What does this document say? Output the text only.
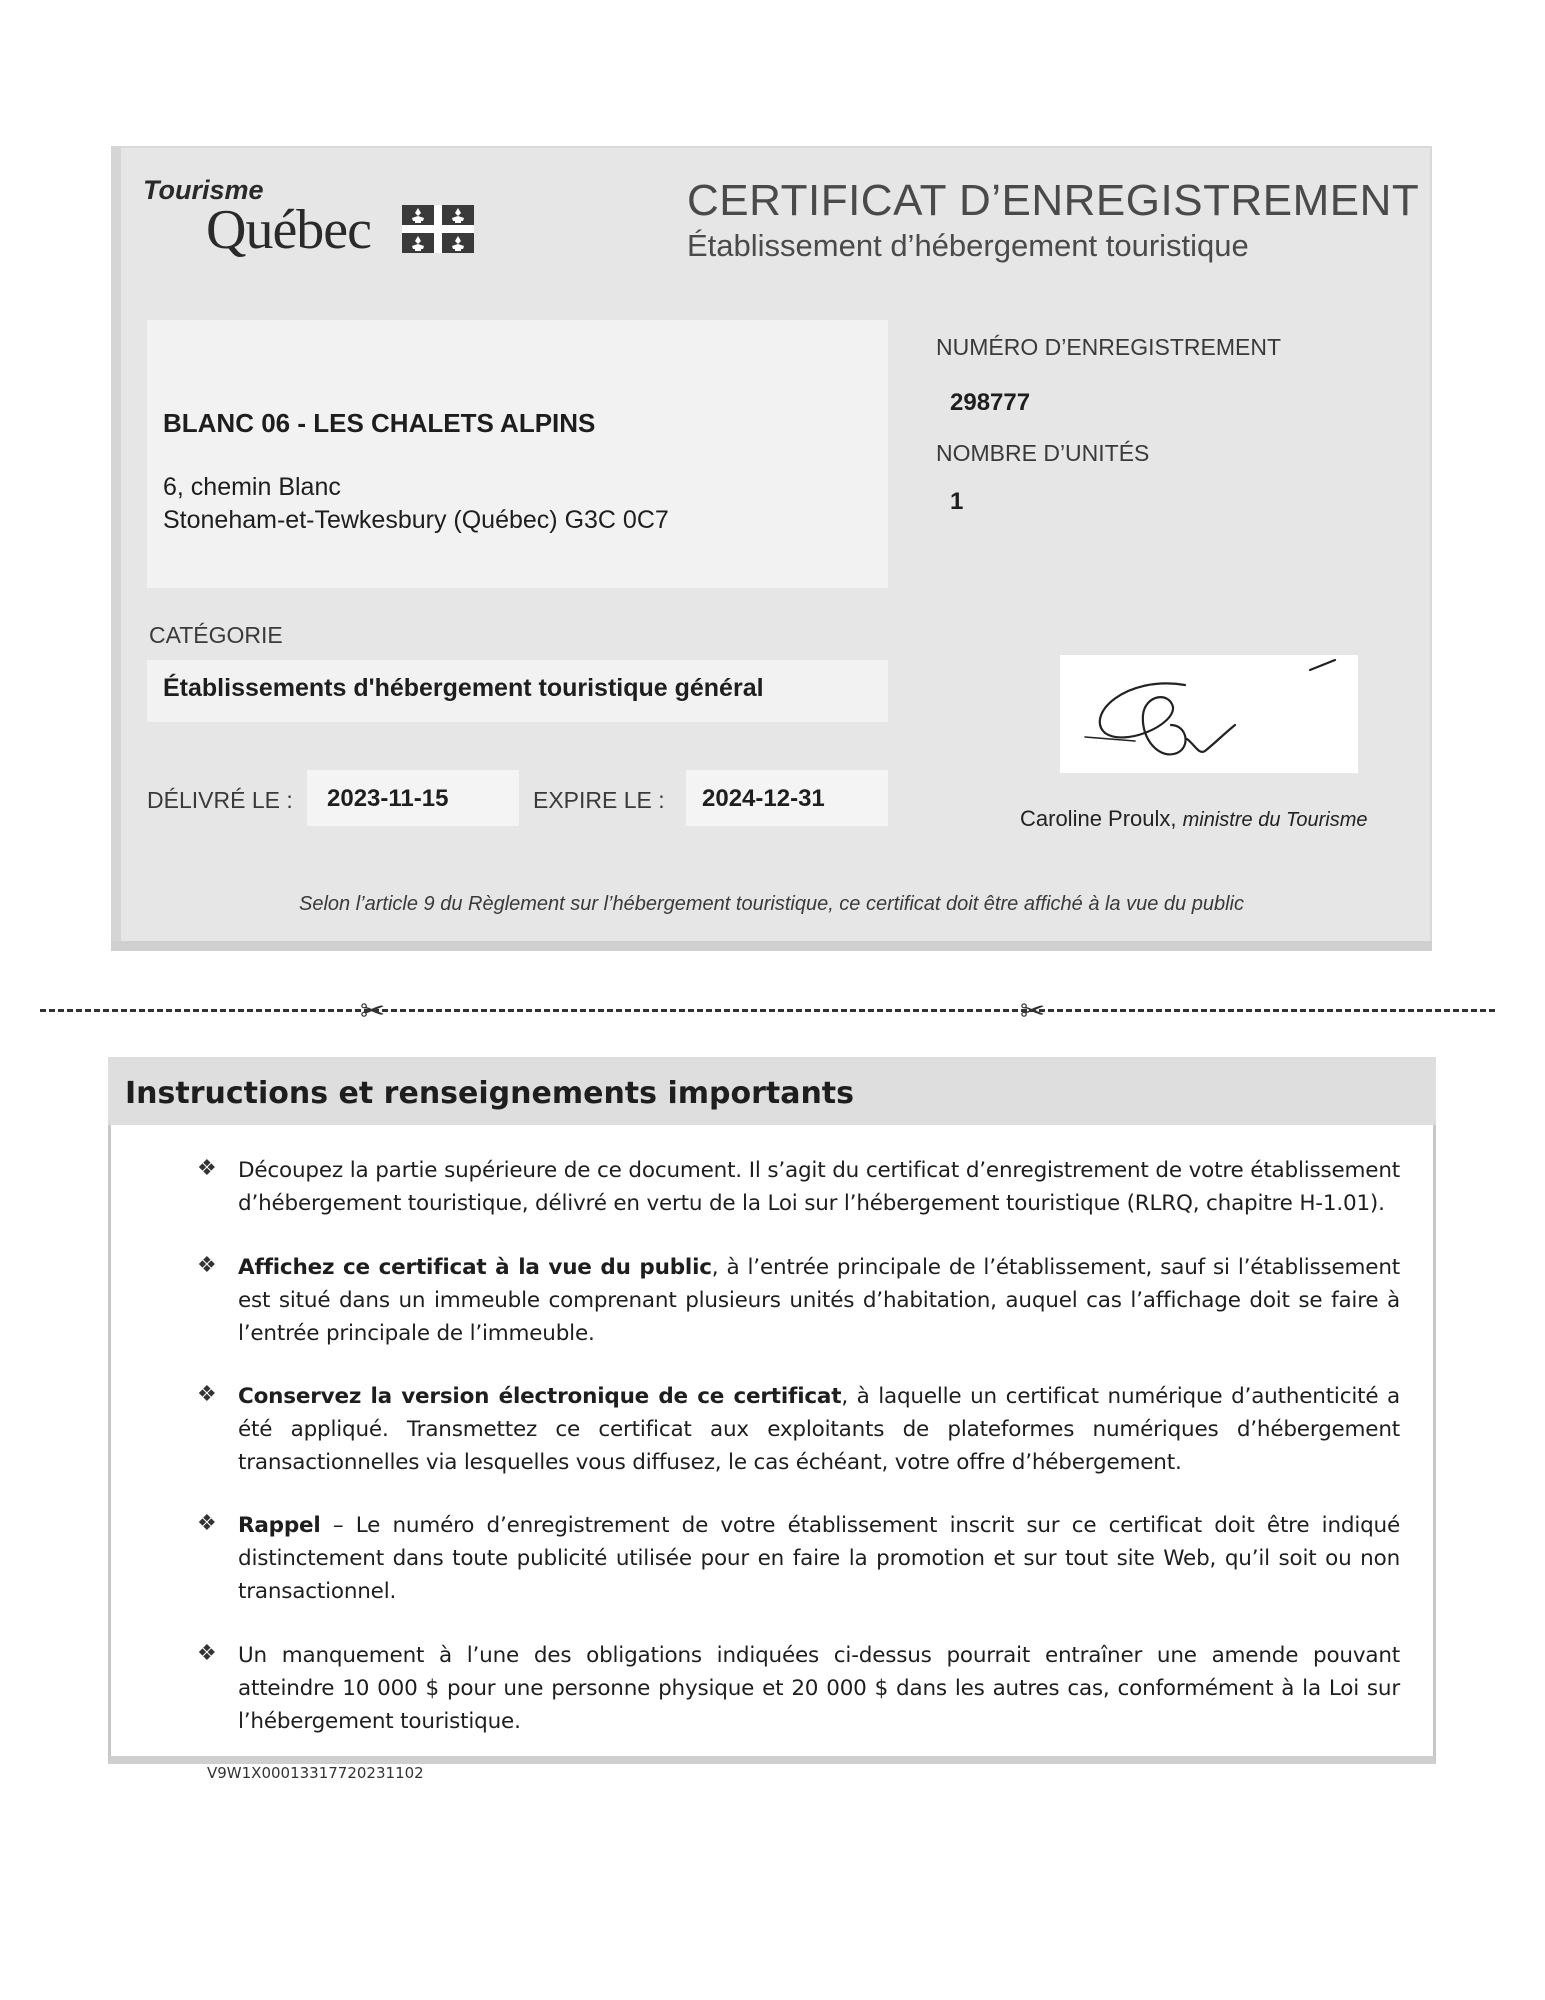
Tourisme
Québec	CERTIFICAT D’ENREGISTREMENT
Établissement d’hébergement touristique
BLANC 06 - LES CHALETS ALPINS
6, chemin Blanc
Stoneham-et-Tewkesbury (Québec) G3C 0C7
NUMÉRO D’ENREGISTREMENT
298777
NOMBRE D’UNITÉS
1
CATÉGORIE
Établissements d'hébergement touristique général
DÉLIVRÉ LE : 2023-11-15	EXPIRE LE : 2024-12-31
Caroline Proulx, ministre du Tourisme
Selon l’article 9 du Règlement sur l’hébergement touristique, ce certificat doit être affiché à la vue du public
✂	✂
Instructions et renseignements importants
❖ Découpez la partie supérieure de ce document. Il s’agit du certificat d’enregistrement de votre établissement d’hébergement touristique, délivré en vertu de la Loi sur l’hébergement touristique (RLRQ, chapitre H-1.01).
❖ Affichez ce certificat à la vue du public, à l’entrée principale de l’établissement, sauf si l’établissement est situé dans un immeuble comprenant plusieurs unités d’habitation, auquel cas l’affichage doit se faire à l’entrée principale de l’immeuble.
❖ Conservez la version électronique de ce certificat, à laquelle un certificat numérique d’authenticité a été appliqué. Transmettez ce certificat aux exploitants de plateformes numériques d’hébergement transactionnelles via lesquelles vous diffusez, le cas échéant, votre offre d’hébergement.
❖ Rappel – Le numéro d’enregistrement de votre établissement inscrit sur ce certificat doit être indiqué distinctement dans toute publicité utilisée pour en faire la promotion et sur tout site Web, qu’il soit ou non transactionnel.
❖ Un manquement à l’une des obligations indiquées ci-dessus pourrait entraîner une amende pouvant atteindre 10 000 $ pour une personne physique et 20 000 $ dans les autres cas, conformément à la Loi sur l’hébergement touristique.
V9W1X00013317720231102
